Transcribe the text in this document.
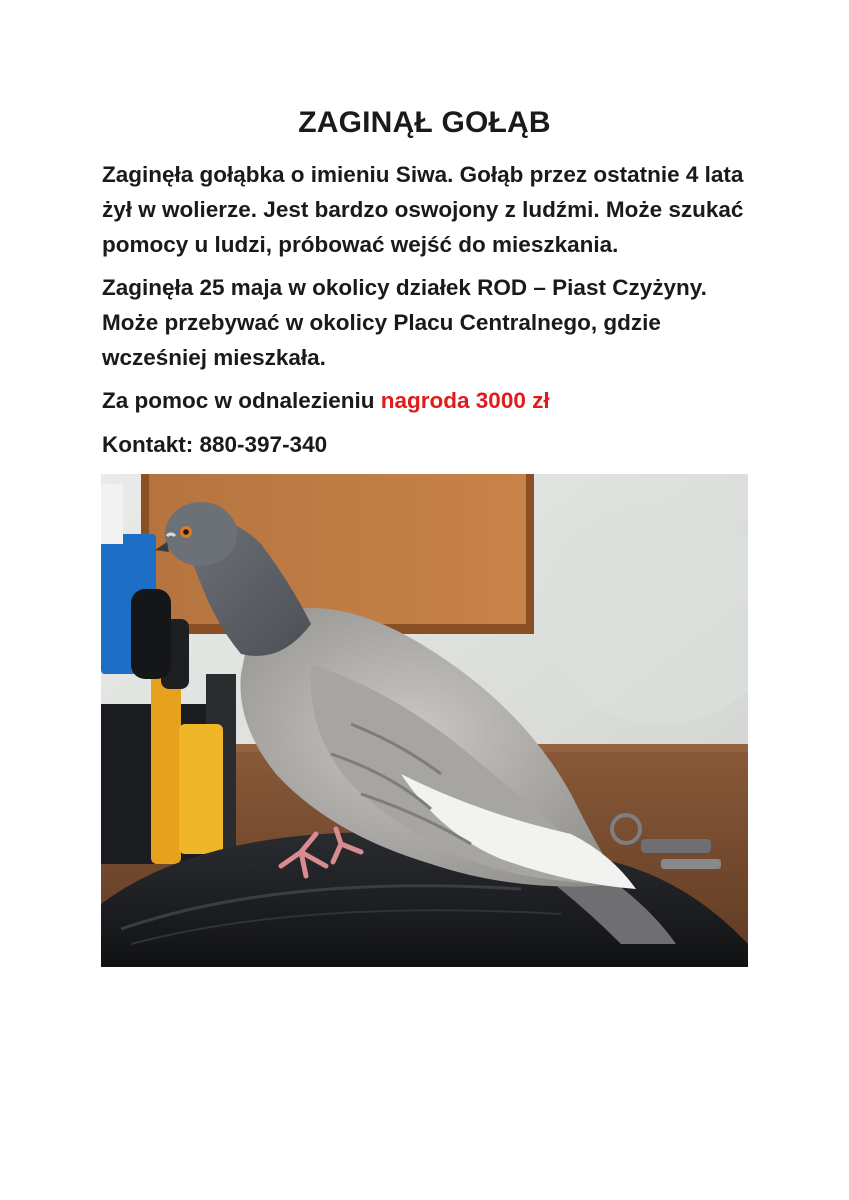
ZAGINĄŁ GOŁĄB

Zaginęła gołąbka o imieniu Siwa. Gołąb przez ostatnie 4 lata żył w wolierze. Jest bardzo oswojony z ludźmi. Może szukać pomocy u ludzi, próbować wejść do mieszkania.

Zaginęła 25 maja w okolicy działek ROD – Piast Czyżyny. Może przebywać w okolicy Placu Centralnego, gdzie wcześniej mieszkała.

Za pomoc w odnalezieniu nagroda 3000 zł

Kontakt: 880-397-340
